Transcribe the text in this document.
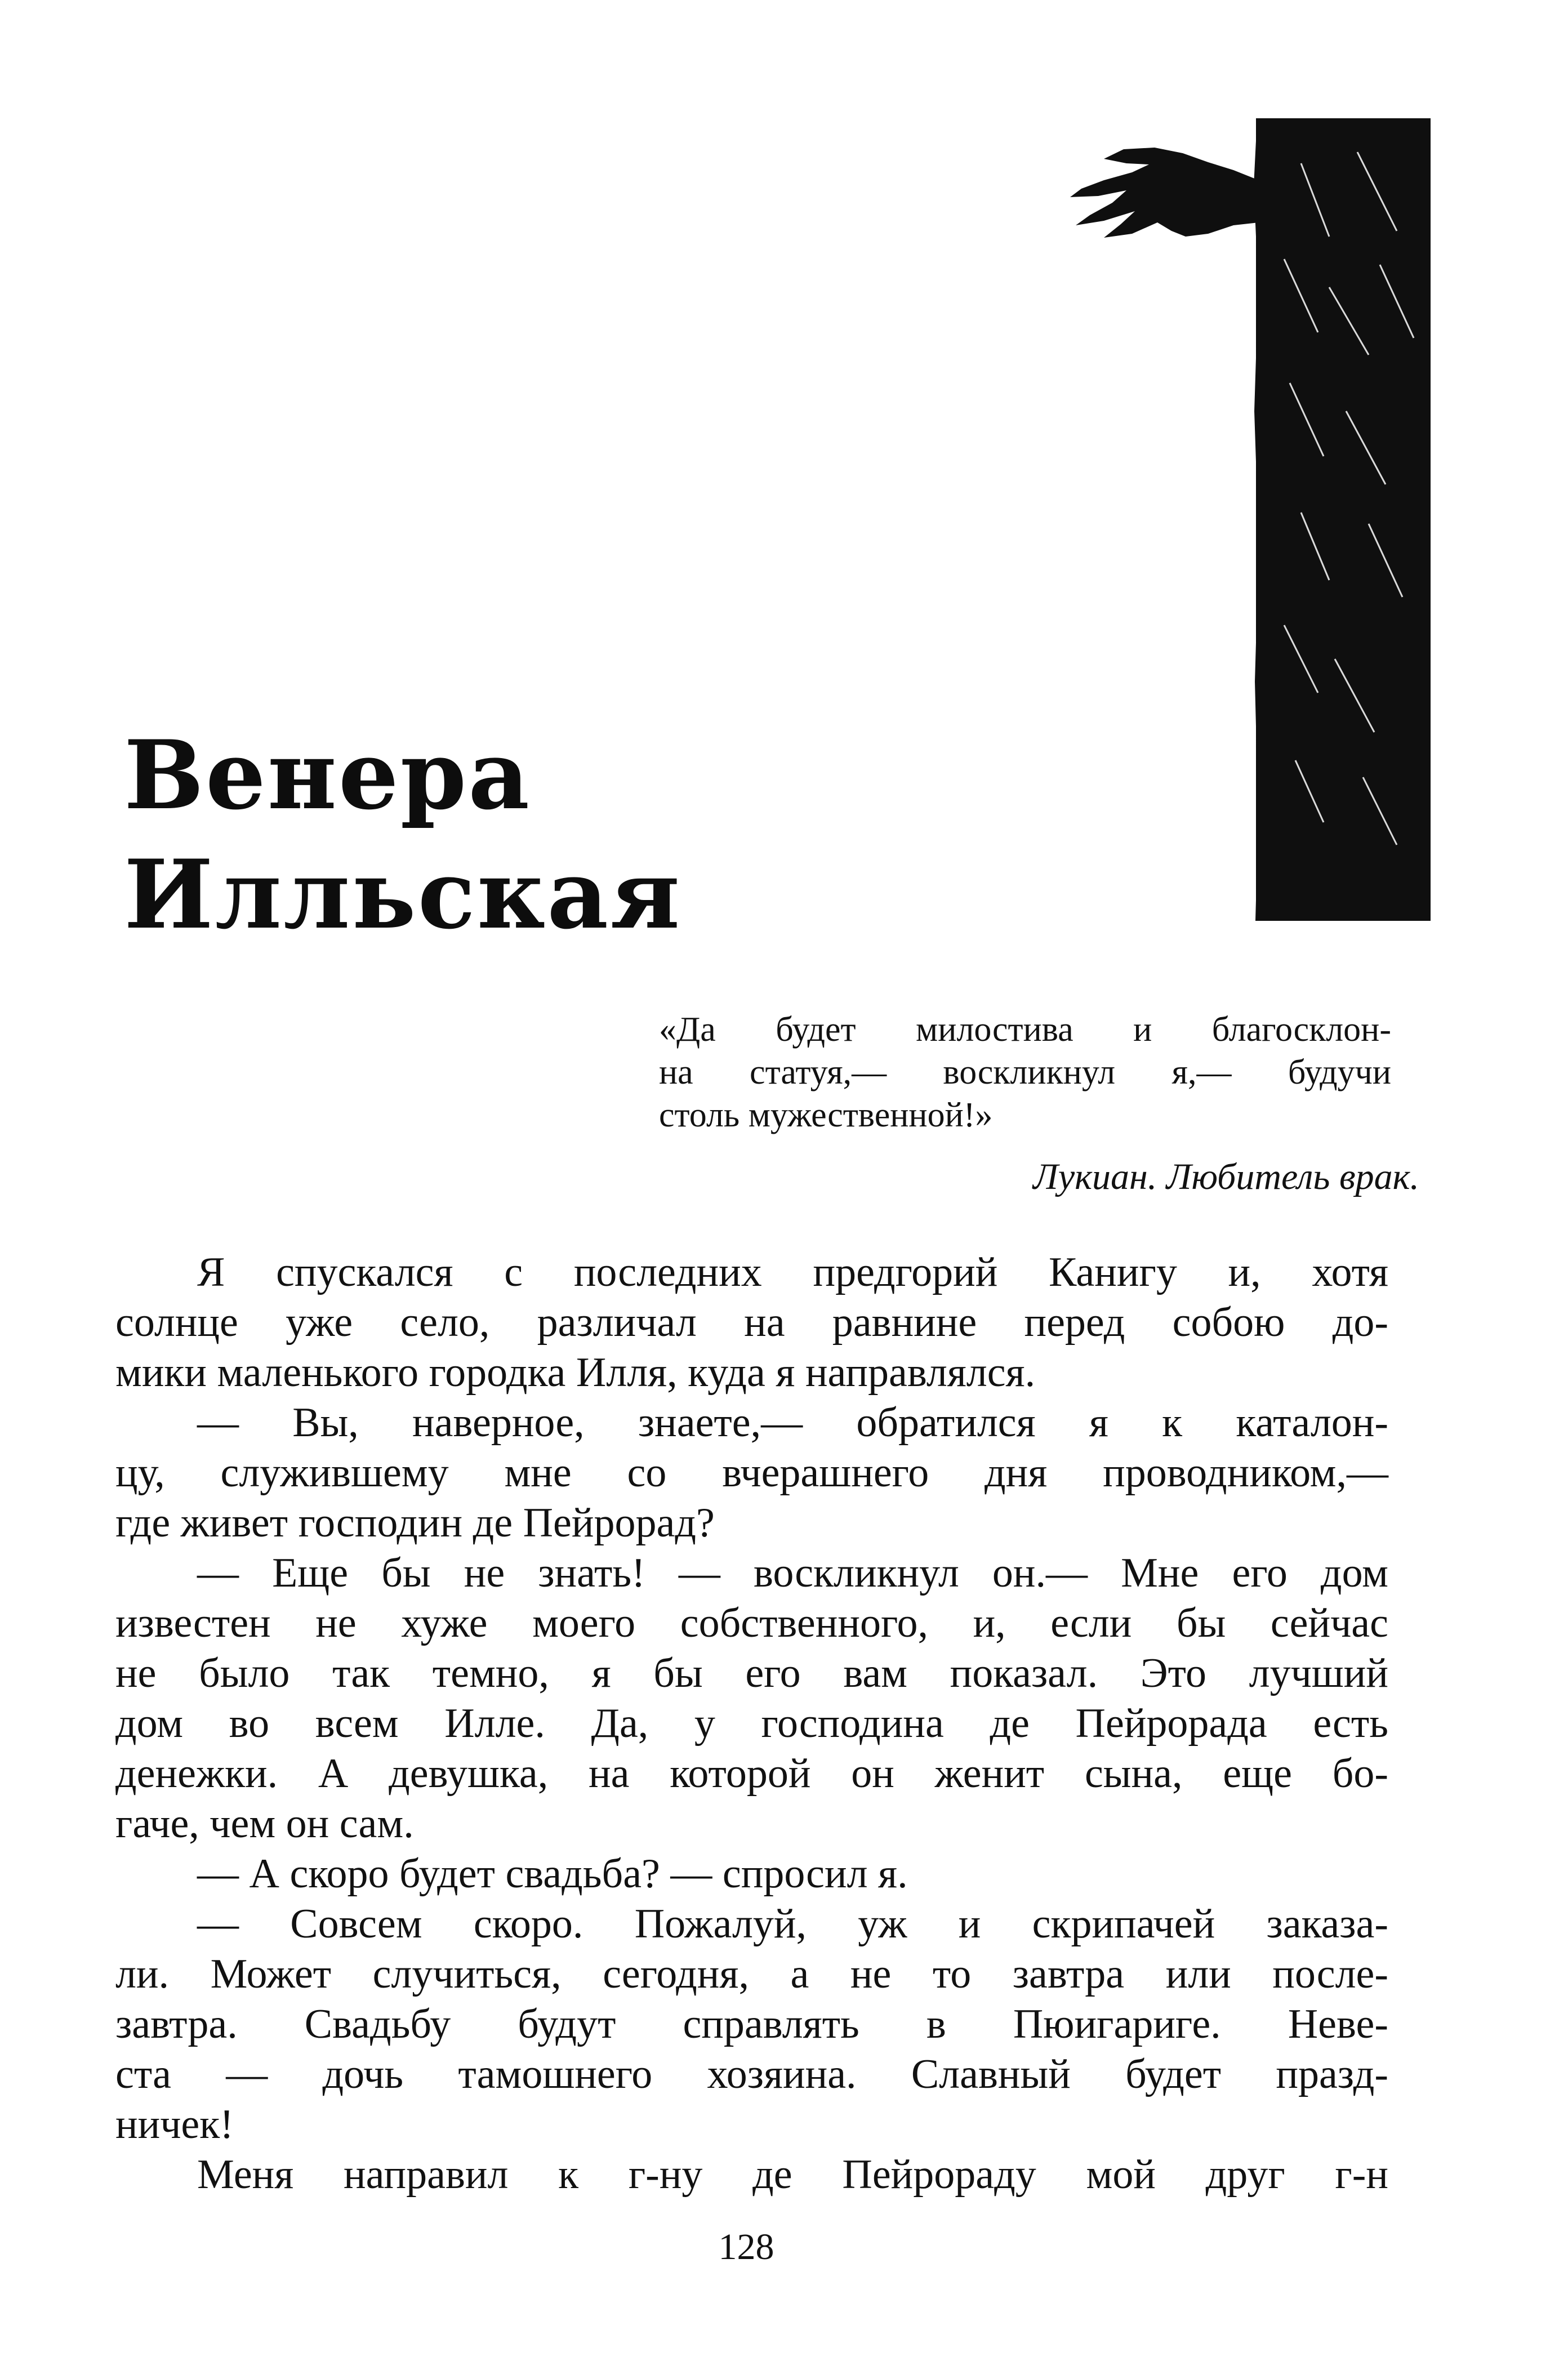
Венера
Илльская
«Да будет милостива и благосклон-
на статуя,— воскликнул я,— будучи
столь мужественной!»
Лукиан. Любитель врак.
Я спускался с последних предгорий Канигу и, хотя
солнце уже село, различал на равнине перед собою до-
мики маленького городка Илля, куда я направлялся.
— Вы, наверное, знаете,— обратился я к каталон-
цу, служившему мне со вчерашнего дня проводником,—
где живет господин де Пейрорад?
— Еще бы не знать! — воскликнул он.— Мне его дом
известен не хуже моего собственного, и, если бы сейчас
не было так темно, я бы его вам показал. Это лучший
дом во всем Илле. Да, у господина де Пейрорада есть
денежки. А девушка, на которой он женит сына, еще бо-
гаче, чем он сам.
— А скоро будет свадьба? — спросил я.
— Совсем скоро. Пожалуй, уж и скрипачей заказа-
ли. Может случиться, сегодня, а не то завтра или после-
завтра. Свадьбу будут справлять в Пюигариге. Неве-
ста — дочь тамошнего хозяина. Славный будет празд-
ничек!
Меня направил к г-ну де Пейрораду мой друг г-н
128
